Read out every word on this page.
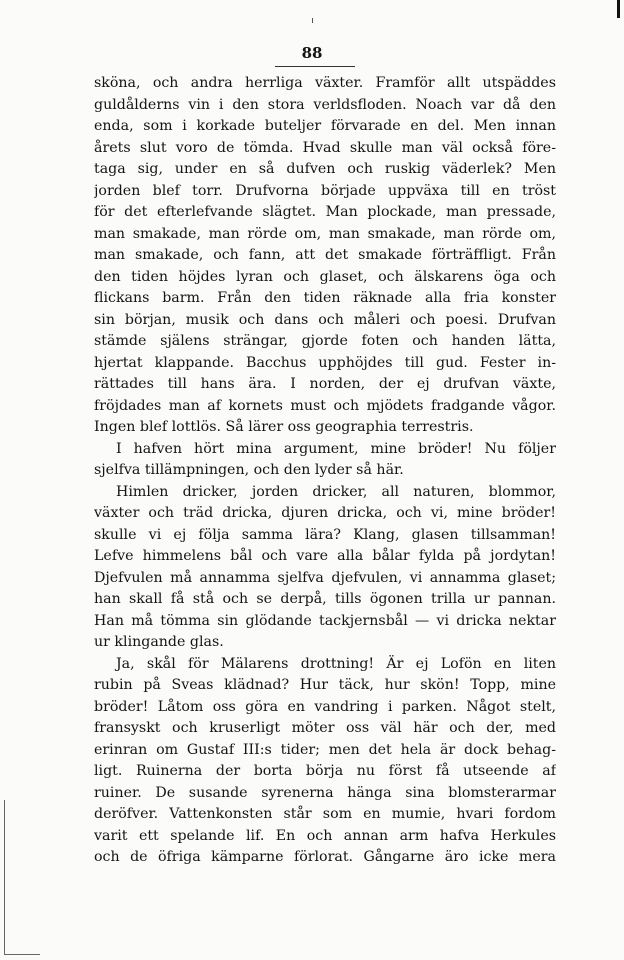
88
sköna, och andra herrliga växter. Framför allt utspäddes
guldålderns vin i den stora verldsfloden. Noach var då den
enda, som i korkade buteljer förvarade en del. Men innan
årets slut voro de tömda. Hvad skulle man väl också före-
taga sig, under en så dufven och ruskig väderlek? Men
jorden blef torr. Drufvorna började uppväxa till en tröst
för det efterlefvande slägtet. Man plockade, man pressade,
man smakade, man rörde om, man smakade, man rörde om,
man smakade, och fann, att det smakade förträffligt. Från
den tiden höjdes lyran och glaset, och älskarens öga och
flickans barm. Från den tiden räknade alla fria konster
sin början, musik och dans och måleri och poesi. Drufvan
stämde själens strängar, gjorde foten och handen lätta,
hjertat klappande. Bacchus upphöjdes till gud. Fester in-
rättades till hans ära. I norden, der ej drufvan växte,
fröjdades man af kornets must och mjödets fradgande vågor.
Ingen blef lottlös. Så lärer oss geographia terrestris.
I hafven hört mina argument, mine bröder! Nu följer
sjelfva tillämpningen, och den lyder så här.
Himlen dricker, jorden dricker, all naturen, blommor,
växter och träd dricka, djuren dricka, och vi, mine bröder!
skulle vi ej följa samma lära? Klang, glasen tillsamman!
Lefve himmelens bål och vare alla bålar fylda på jordytan!
Djefvulen må annamma sjelfva djefvulen, vi annamma glaset;
han skall få stå och se derpå, tills ögonen trilla ur pannan.
Han må tömma sin glödande tackjernsbål — vi dricka nektar
ur klingande glas.
Ja, skål för Mälarens drottning! Är ej Lofön en liten
rubin på Sveas klädnad? Hur täck, hur skön! Topp, mine
bröder! Låtom oss göra en vandring i parken. Något stelt,
fransyskt och kruserligt möter oss väl här och der, med
erinran om Gustaf III:s tider; men det hela är dock behag-
ligt. Ruinerna der borta börja nu först få utseende af
ruiner. De susande syrenerna hänga sina blomsterarmar
deröfver. Vattenkonsten står som en mumie, hvari fordom
varit ett spelande lif. En och annan arm hafva Herkules
och de öfriga kämparne förlorat. Gångarne äro icke mera
